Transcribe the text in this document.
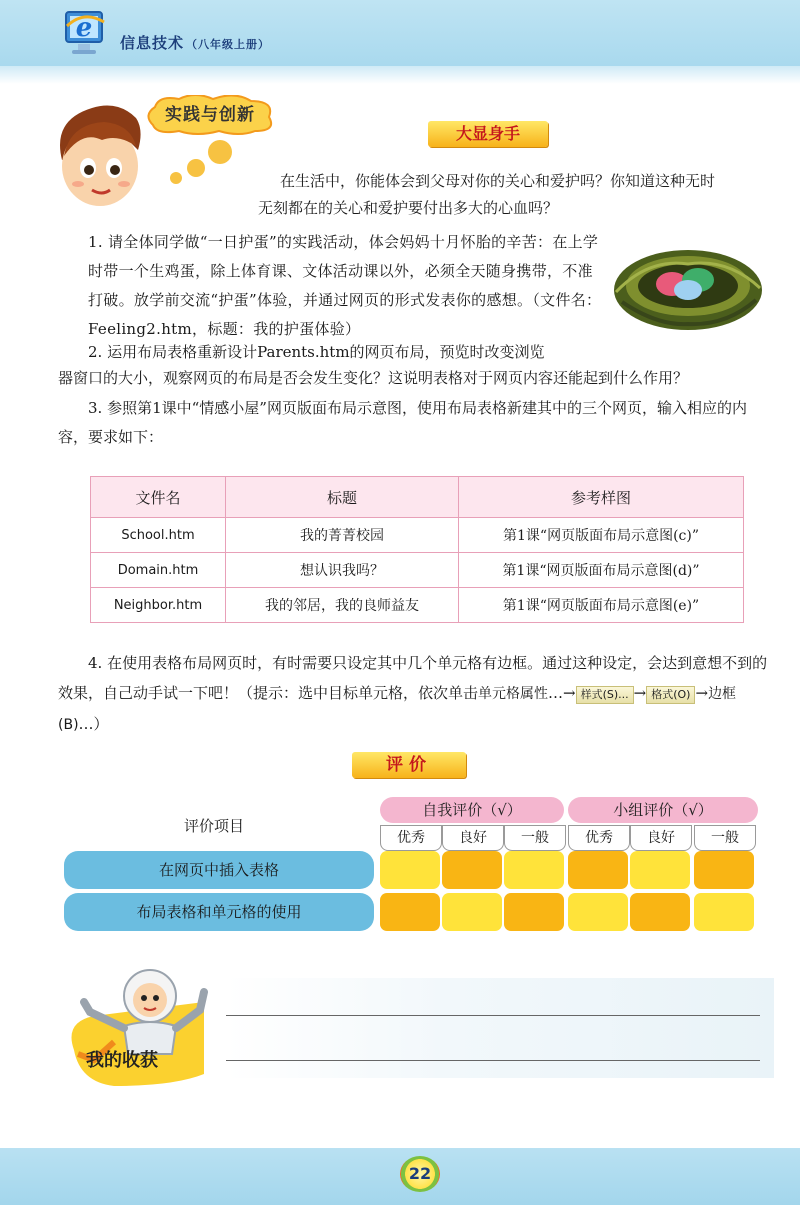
e 信息技术 （八年级上册）
实践与创新
大显身手
在生活中，你能体会到父母对你的关心和爱护吗？你知道这种无时
无刻都在的关心和爱护要付出多大的心血吗？
1. 请全体同学做“一日护蛋”的实践活动，体会妈妈十月怀胎的辛苦：在上学时带一个生鸡蛋，除上体育课、文体活动课以外，必须全天随身携带，不准打破。放学前交流“护蛋”体验，并通过网页的形式发表你的感想。（文件名：Feeling2.htm，标题：我的护蛋体验）
2. 运用布局表格重新设计Parents.htm的网页布局，预览时改变浏览
器窗口的大小，观察网页的布局是否会发生变化？这说明表格对于网页内容还能起到什么作用？
3. 参照第1课中“情感小屋”网页版面布局示意图，使用布局表格新建其中的三个网页，输入相应的内容，要求如下：
文件名	标题	参考样图
School.htm	我的菁菁校园	第1课“网页版面布局示意图(c)”
Domain.htm	想认识我吗？	第1课“网页版面布局示意图(d)”
Neighbor.htm	我的邻居，我的良师益友	第1课“网页版面布局示意图(e)”
4. 在使用表格布局网页时，有时需要只设定其中几个单元格有边框。通过这种设定，会达到意想不到的效果，自己动手试一下吧！（提示：选中目标单元格，依次单击单元格属性…→ 样式(S)... → 格式(O) →边框(B)…）
评价
评价项目
自我评价（√）	小组评价（√）
优秀	良好	一般	优秀	良好	一般
在网页中插入表格
布局表格和单元格的使用
我的收获
22
